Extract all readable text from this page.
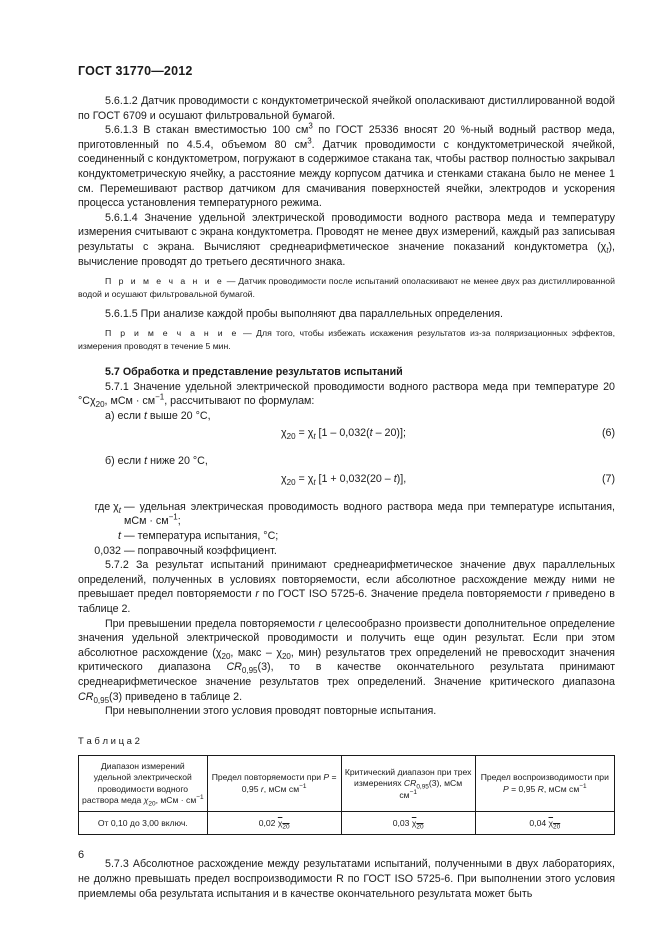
ГОСТ 31770—2012

5.6.1.2 Датчик проводимости с кондуктометрической ячейкой ополаскивают дистиллированной водой по ГОСТ 6709 и осушают фильтровальной бумагой.

5.6.1.3 В стакан вместимостью 100 $см^3$ по ГОСТ 25336 вносят 20 %-ный водный раствор меда, приготовленный по 4.5.4, объемом 80 $см^3$. Датчик проводимости с кондуктометрической ячейкой, соединенный с кондуктометром, погружают в содержимое стакана так, чтобы раствор полностью закрывал кондуктометрическую ячейку, а расстояние между корпусом датчика и стенками стакана было не менее 1 см. Перемешивают раствор датчиком для смачивания поверхностей ячейки, электродов и ускорения процесса установления температурного режима.

5.6.1.4 Значение удельной электрической проводимости водного раствора меда и температуру измерения считывают с экрана кондуктометра. Проводят не менее двух измерений, каждый раз записывая результаты с экрана. Вычисляют среднеарифметическое значение показаний кондуктометра $(\chi_t)$, вычисление проводят до третьего десятичного знака.

П р и м е ч а н и е — Датчик проводимости после испытаний ополаскивают не менее двух раз дистиллированной водой и осушают фильтровальной бумагой.

5.6.1.5 При анализе каждой пробы выполняют два параллельных определения.

П р и м е ч а н и е — Для того, чтобы избежать искажения результатов из-за поляризационных эффектов, измерения проводят в течение 5 мин.

5.7 Обработка и представление результатов испытаний

5.7.1 Значение удельной электрической проводимости водного раствора меда при температуре 20 $^\circ С\chi_{20}$, мСм · $см^{-1}$, рассчитывают по формулам:

а) если t выше 20 °С,

$\chi_{20} = \chi_t$ [1 – 0,032(t – 20)];	(6)

б) если t ниже 20 °С,

$\chi_{20} = \chi_t$ [1 + 0,032(20 – t)],	(7)
где $\chi_t$ — удельная электрическая проводимость водного раствора меда при температуре испытания, мСм · $см^{-1}$;
t — температура испытания, °С;
0,032 — поправочный коэффициент.

5.7.2 За результат испытаний принимают среднеарифметическое значение двух параллельных определений, полученных в условиях повторяемости, если абсолютное расхождение между ними не превышает предел повторяемости r по ГОСТ ISO 5725-6. Значение предела повторяемости r приведено в таблице 2.

При превышении предела повторяемости r целесообразно произвести дополнительное определение значения удельной электрической проводимости и получить еще один результат. Если при этом абсолютное расхождение ($\chi_{20}$, макс – $\chi_{20}$, мин) результатов трех определений не превосходит значения критического диапазона $CR_{0,95}(3)$, то в качестве окончательного результата принимают среднеарифметическое значение результатов трех определений. Значение критического диапазона $CR_{0,95}(3)$ приведено в таблице 2.

При невыполнении этого условия проводят повторные испытания.

Т а б л и ц а 2
Диапазон измерений удельной электрической проводимости водного раствора меда $\chi_{20}$, мСм · $см^{-1}$	Предел повторяемости при P = 0,95 r, мСм $см^{-1}$	Критический диапазон при трех измерениях $CR_{0,95}(3)$, мСм $см^{-1}$	Предел воспроизводимости при P = 0,95 R, мСм $см^{-1}$
От 0,10 до 3,00 включ.	0,02 $\chi_{20}$	0,03 $\chi_{20}$	0,04 $\chi_{20}$

5.7.3 Абсолютное расхождение между результатами испытаний, полученными в двух лабораториях, не должно превышать предел воспроизводимости R по ГОСТ ISO 5725-6. При выполнении этого условия приемлемы оба результата испытания и в качестве окончательного результата может быть

6
